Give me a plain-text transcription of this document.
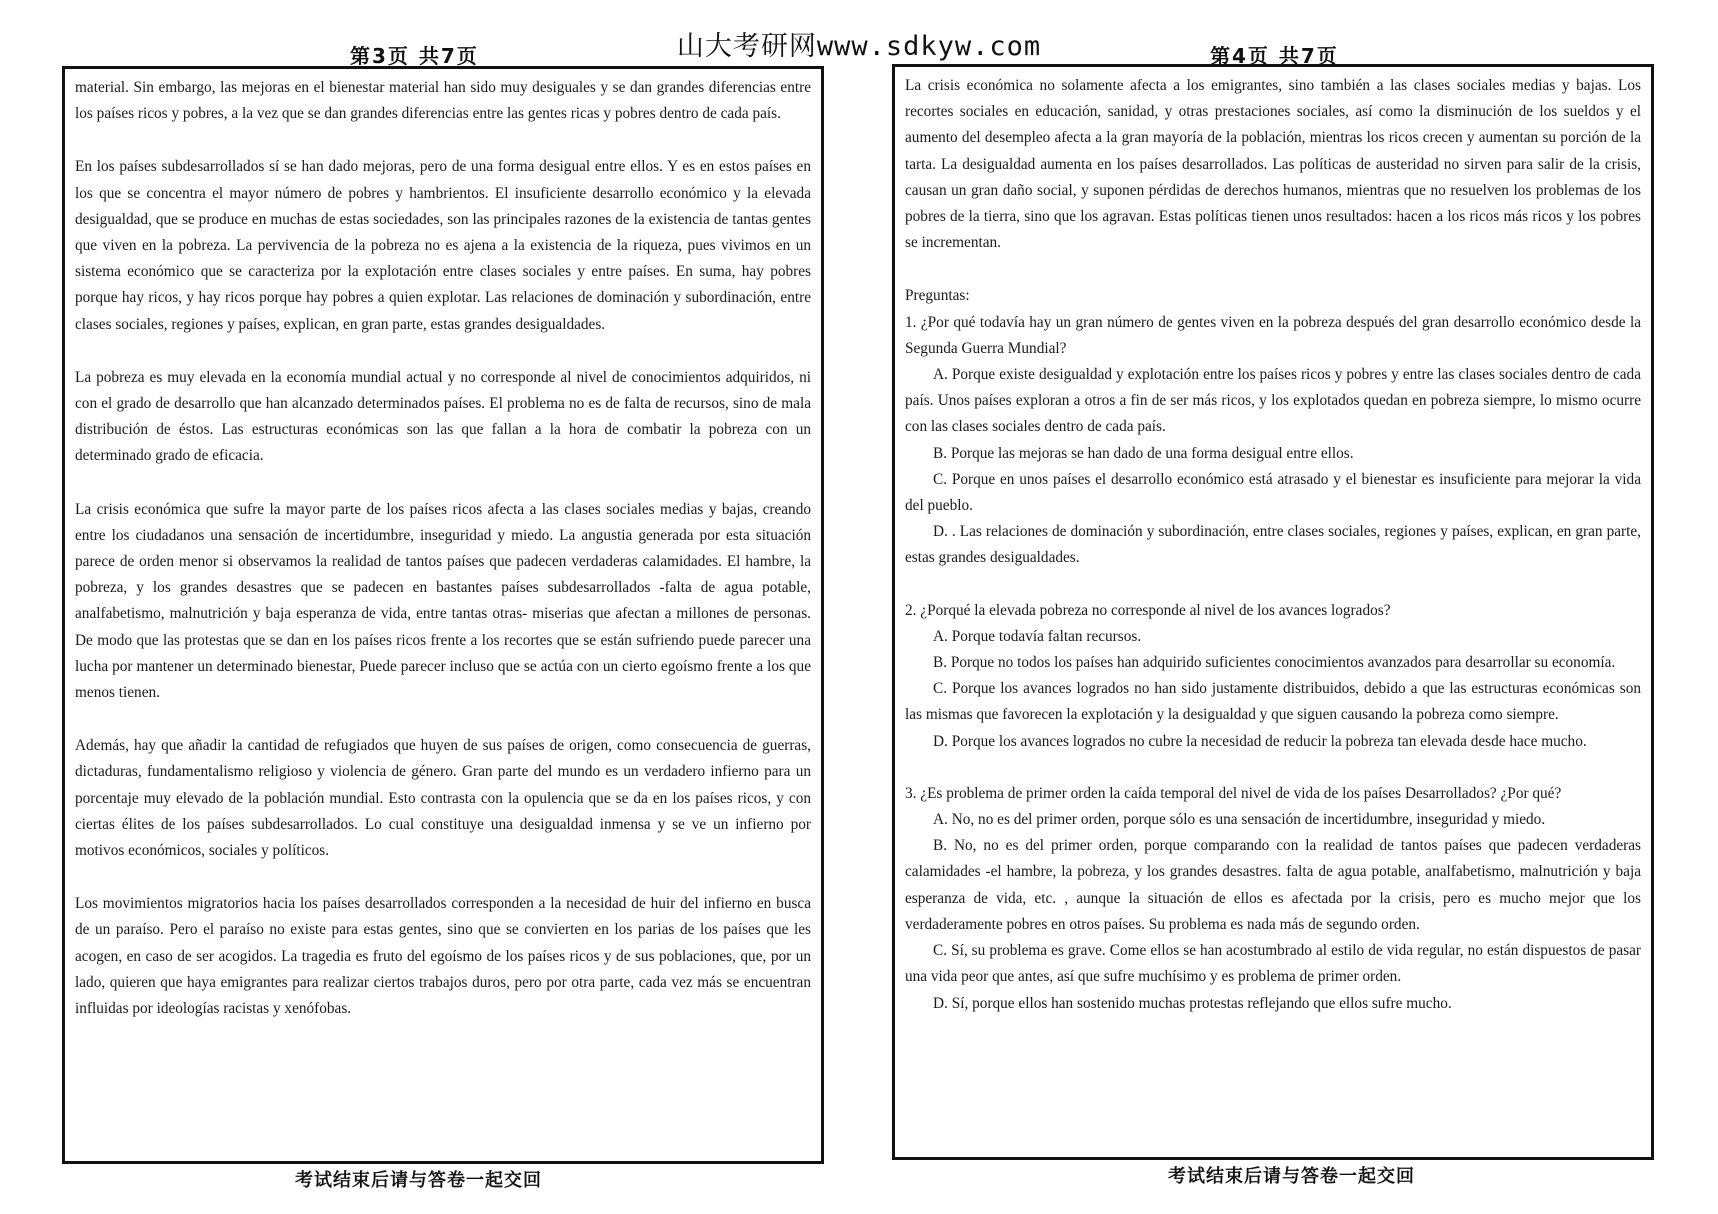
山大考研网www.sdkyw.com
第3页 共7页	第4页 共7页

material. Sin embargo, las mejoras en el bienestar material han sido muy desiguales y se dan grandes diferencias entre los países ricos y pobres, a la vez que se dan grandes diferencias entre las gentes ricas y pobres dentro de cada país.

En los países subdesarrollados sí se han dado mejoras, pero de una forma desigual entre ellos. Y es en estos países en los que se concentra el mayor número de pobres y hambrientos. El insuficiente desarrollo económico y la elevada desigualdad, que se produce en muchas de estas sociedades, son las principales razones de la existencia de tantas gentes que viven en la pobreza. La pervivencia de la pobreza no es ajena a la existencia de la riqueza, pues vivimos en un sistema económico que se caracteriza por la explotación entre clases sociales y entre países. En suma, hay pobres porque hay ricos, y hay ricos porque hay pobres a quien explotar. Las relaciones de dominación y subordinación, entre clases sociales, regiones y países, explican, en gran parte, estas grandes desigualdades.

La pobreza es muy elevada en la economía mundial actual y no corresponde al nivel de conocimientos adquiridos, ni con el grado de desarrollo que han alcanzado determinados países. El problema no es de falta de recursos, sino de mala distribución de éstos. Las estructuras económicas son las que fallan a la hora de combatir la pobreza con un determinado grado de eficacia.

La crisis económica que sufre la mayor parte de los países ricos afecta a las clases sociales medias y bajas, creando entre los ciudadanos una sensación de incertidumbre, inseguridad y miedo. La angustia generada por esta situación parece de orden menor si observamos la realidad de tantos países que padecen verdaderas calamidades. El hambre, la pobreza, y los grandes desastres que se padecen en bastantes países subdesarrollados -falta de agua potable, analfabetismo, malnutrición y baja esperanza de vida, entre tantas otras- miserias que afectan a millones de personas. De modo que las protestas que se dan en los países ricos frente a los recortes que se están sufriendo puede parecer una lucha por mantener un determinado bienestar, Puede parecer incluso que se actúa con un cierto egoísmo frente a los que menos tienen.

Además, hay que añadir la cantidad de refugiados que huyen de sus países de origen, como consecuencia de guerras, dictaduras, fundamentalismo religioso y violencia de género. Gran parte del mundo es un verdadero infierno para un porcentaje muy elevado de la población mundial. Esto contrasta con la opulencia que se da en los países ricos, y con ciertas élites de los países subdesarrollados. Lo cual constituye una desigualdad inmensa y se ve un infierno por motivos económicos, sociales y políticos.

Los movimientos migratorios hacia los países desarrollados corresponden a la necesidad de huir del infierno en busca de un paraíso. Pero el paraíso no existe para estas gentes, sino que se convierten en los parias de los países que les acogen, en caso de ser acogidos. La tragedia es fruto del egoísmo de los países ricos y de sus poblaciones, que, por un lado, quieren que haya emigrantes para realizar ciertos trabajos duros, pero por otra parte, cada vez más se encuentran influidas por ideologías racistas y xenófobas.

La crisis económica no solamente afecta a los emigrantes, sino también a las clases sociales medias y bajas. Los recortes sociales en educación, sanidad, y otras prestaciones sociales, así como la disminución de los sueldos y el aumento del desempleo afecta a la gran mayoría de la población, mientras los ricos crecen y aumentan su porción de la tarta. La desigualdad aumenta en los países desarrollados. Las políticas de austeridad no sirven para salir de la crisis, causan un gran daño social, y suponen pérdidas de derechos humanos, mientras que no resuelven los problemas de los pobres de la tierra, sino que los agravan. Estas políticas tienen unos resultados: hacen a los ricos más ricos y los pobres se incrementan.

Preguntas:

1. ¿Por qué todavía hay un gran número de gentes viven en la pobreza después del gran desarrollo económico desde la Segunda Guerra Mundial?

A. Porque existe desigualdad y explotación entre los países ricos y pobres y entre las clases sociales dentro de cada país. Unos países exploran a otros a fin de ser más ricos, y los explotados quedan en pobreza siempre, lo mismo ocurre con las clases sociales dentro de cada país.

B. Porque las mejoras se han dado de una forma desigual entre ellos.

C. Porque en unos países el desarrollo económico está atrasado y el bienestar es insuficiente para mejorar la vida del pueblo.

D. . Las relaciones de dominación y subordinación, entre clases sociales, regiones y países, explican, en gran parte, estas grandes desigualdades.

2. ¿Porqué la elevada pobreza no corresponde al nivel de los avances logrados?

A. Porque todavía faltan recursos.

B. Porque no todos los países han adquirido suficientes conocimientos avanzados para desarrollar su economía.

C. Porque los avances logrados no han sido justamente distribuidos, debido a que las estructuras económicas son las mismas que favorecen la explotación y la desigualdad y que siguen causando la pobreza como siempre.

D. Porque los avances logrados no cubre la necesidad de reducir la pobreza tan elevada desde hace mucho.

3. ¿Es problema de primer orden la caída temporal del nivel de vida de los países Desarrollados? ¿Por qué?

A. No, no es del primer orden, porque sólo es una sensación de incertidumbre, inseguridad y miedo.

B. No, no es del primer orden, porque comparando con la realidad de tantos países que padecen verdaderas calamidades -el hambre, la pobreza, y los grandes desastres. falta de agua potable, analfabetismo, malnutrición y baja esperanza de vida, etc. , aunque la situación de ellos es afectada por la crisis, pero es mucho mejor que los verdaderamente pobres en otros países. Su problema es nada más de segundo orden.

C. Sí, su problema es grave. Come ellos se han acostumbrado al estilo de vida regular, no están dispuestos de pasar una vida peor que antes, así que sufre muchísimo y es problema de primer orden.

D. Sí, porque ellos han sostenido muchas protestas reflejando que ellos sufre mucho.

考试结束后请与答卷一起交回	考试结束后请与答卷一起交回
